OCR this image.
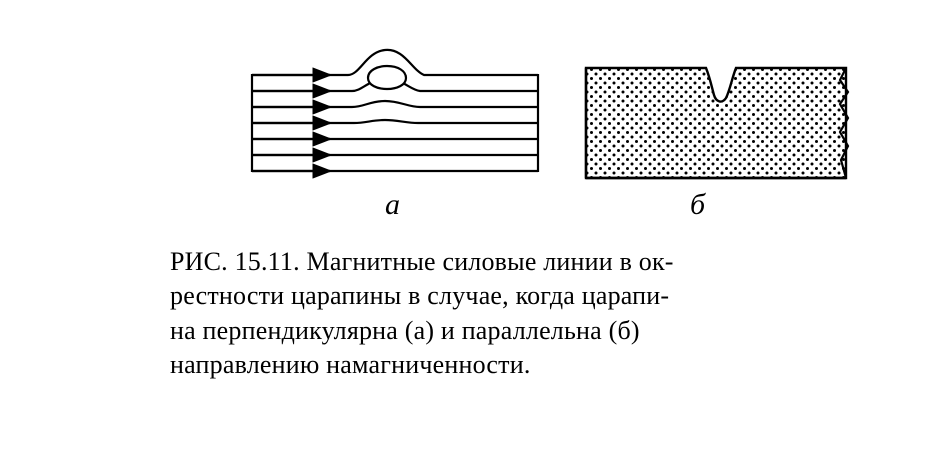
а	б
РИС. 15.11. Магнитные силовые линии в ок-
рестности царапины в случае, когда царапи-
на перпендикулярна (а) и параллельна (б)
направлению намагниченности.
